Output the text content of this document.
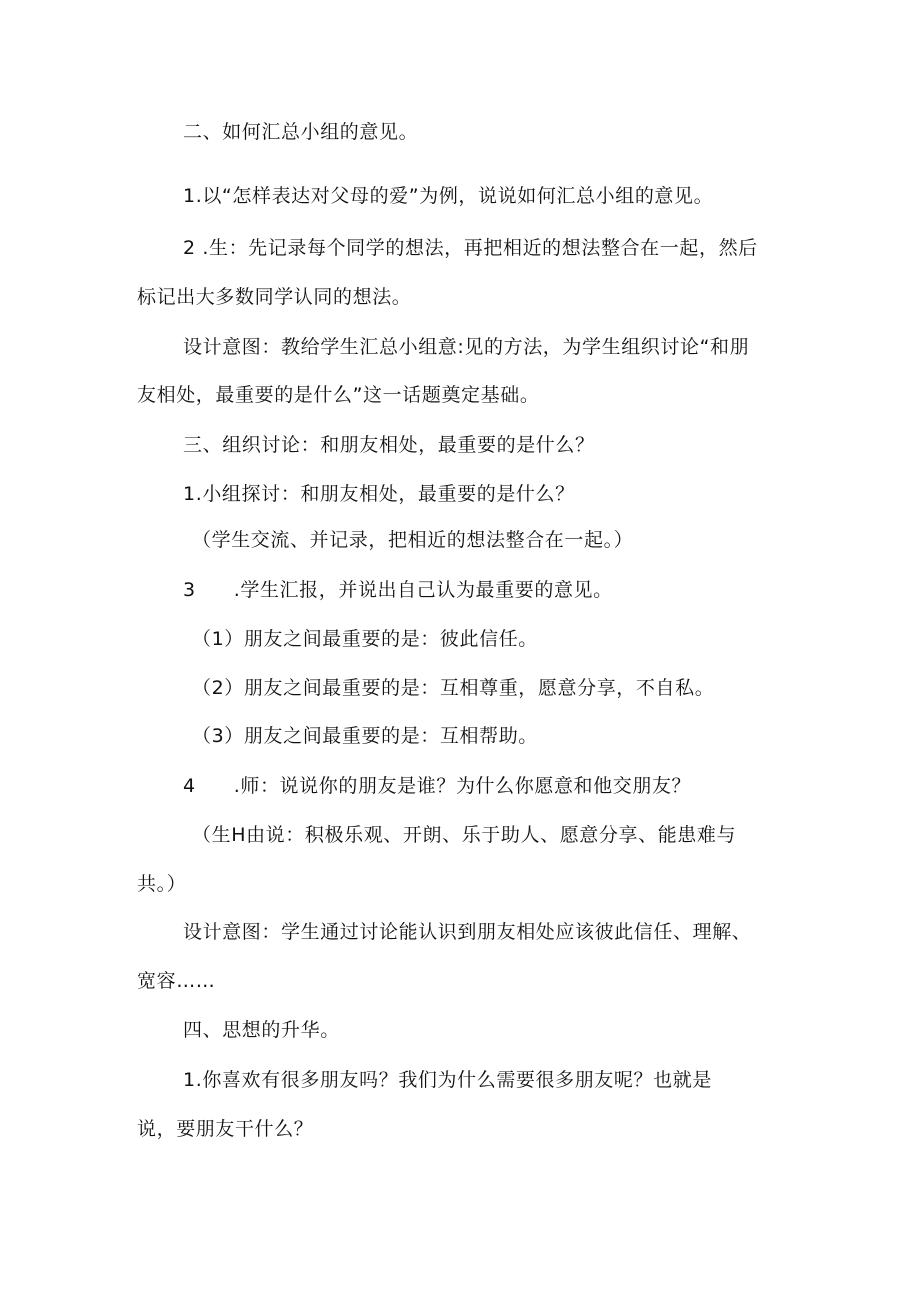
二、如何汇总小组的意见。
1.以“怎样表达对父母的爱”为例，说说如何汇总小组的意见。
2 .生：先记录每个同学的想法，再把相近的想法整合在一起，然后
标记出大多数同学认同的想法。
设计意图：教给学生汇总小组意:见的方法，为学生组织讨论“和朋
友相处，最重要的是什么”这一话题奠定基础。
三、组织讨论：和朋友相处，最重要的是什么？
1.小组探讨：和朋友相处，最重要的是什么？
（学生交流、并记录，把相近的想法整合在一起。）
3 .学生汇报，并说出自己认为最重要的意见。
（1）朋友之间最重要的是：彼此信任。
（2）朋友之间最重要的是：互相尊重，愿意分享，不自私。
（3）朋友之间最重要的是：互相帮助。
4 .师：说说你的朋友是谁？为什么你愿意和他交朋友？
（生H由说：积极乐观、开朗、乐于助人、愿意分享、能患难与
共。）
设计意图：学生通过讨论能认识到朋友相处应该彼此信任、理解、
宽容……
四、思想的升华。
1.你喜欢有很多朋友吗？我们为什么需要很多朋友呢？也就是
说，要朋友干什么？
